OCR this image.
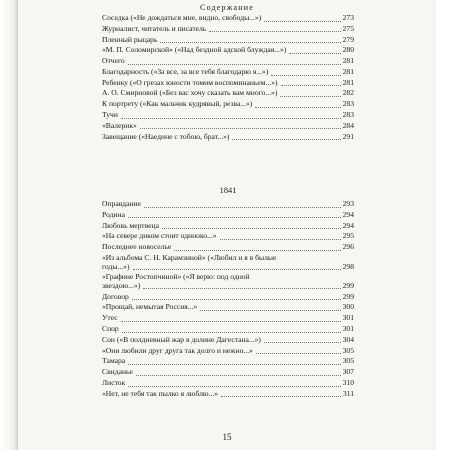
Содержание
Соседка («Не дождаться мне, видно, свободы...»)	273
Журналист, читатель и писатель	275
Пленный рыцарь	279
«М. П. Соломирской» («Над бездной адской блуждая...»)	280
Отчего	281
Благодарность («За все, за все тебя благодарю я...»)	281
Ребенку («О грезах юности томим воспоминаньем...»)	281
А. О. Смирновой («Без вас хочу сказать вам много...»)	282
К портрету («Как мальчик кудрявый, резва...»)	283
Тучи	283
«Валерик»	284
Завещание («Наедине с тобою, брат...»)	291
1841
Оправдание	293
Родина	294
Любовь мертвеца	294
«На севере диком стоит одиноко...»	295
Последнее новоселье	296
«Из альбома С. Н. Карамзиной» («Любил и я в былые
годы...»)	298
«Графине Ростопчиной» («Я верю: под одной
звездою...»)	299
Договор	299
«Прощай, немытая Россия...»	300
Утес	301
Спор	301
Сон («В полдневный жар в долине Дагестана...»)	304
«Они любили друг друга так долго и нежно...»	305
Тамара	305
Свиданье	307
Листок	310
«Нет, не тебя так пылко я люблю...»	311
15
